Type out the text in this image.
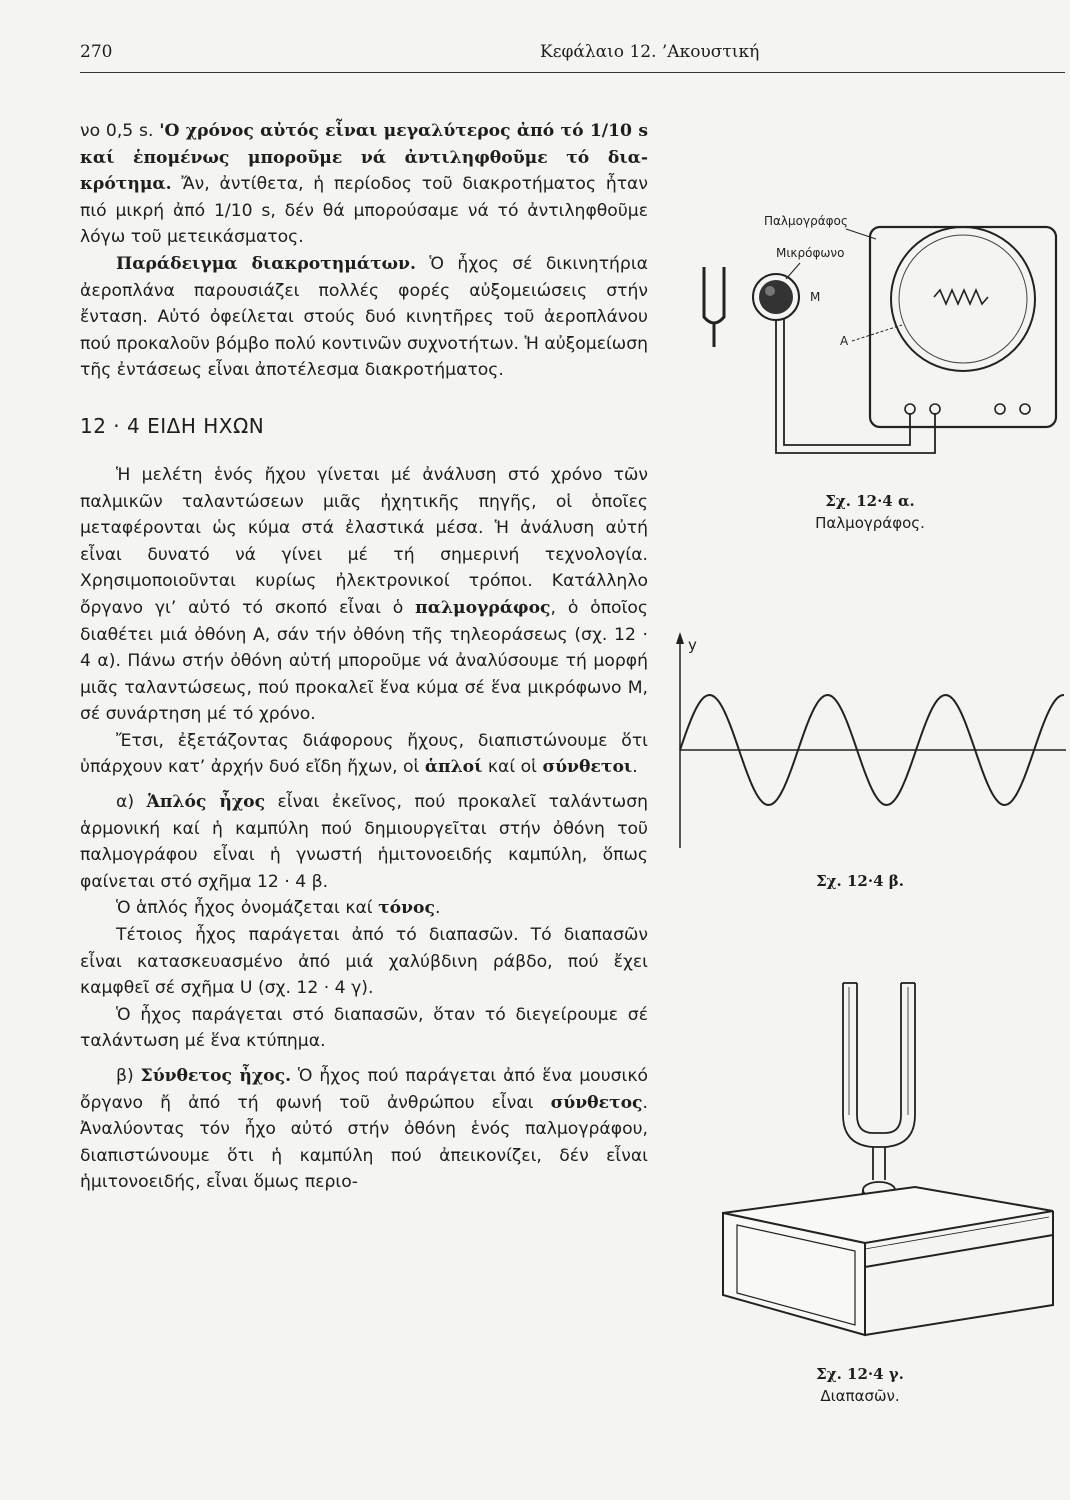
270	Κεφάλαιο 12. ’Ακουστική

νο 0,5 s. 'Ο χρόνος αὐτός εἶναι μεγαλύτερος ἀπό τό 1/10 s καί ἑπομένως μποροῦμε νά ἀντιληφθοῦμε τό δια-κρότημα. Ἄν, ἀντίθετα, ἡ περίοδος τοῦ διακροτήματος ἦταν πιό μικρή ἀπό 1/10 s, δέν θά μπορούσαμε νά τό ἀντιληφθοῦμε λόγω τοῦ μετεικάσματος.

Παράδειγμα διακροτημάτων. Ὁ ἦχος σέ δικινητήρια ἀεροπλάνα παρουσιάζει πολλές φορές αὐξομειώσεις στήν ἔνταση. Αὐτό ὀφείλεται στούς δυό κινητῆρες τοῦ ἀεροπλάνου πού προκαλοῦν βόμβο πολύ κοντινῶν συχνοτήτων. Ἡ αὐξομείωση τῆς ἐντάσεως εἶναι ἀποτέλεσμα διακροτήματος.

12 · 4 ΕΙΔΗ ΗΧΩΝ

Ἡ μελέτη ἑνός ἤχου γίνεται μέ ἀνάλυση στό χρόνο τῶν παλμικῶν ταλαντώσεων μιᾶς ἠχητικῆς πηγῆς, οἱ ὁποῖες μεταφέρονται ὡς κύμα στά ἐλαστικά μέσα. Ἡ ἀνάλυση αὐτή εἶναι δυνατό νά γίνει μέ τή σημερινή τεχνολογία. Χρησιμοποιοῦνται κυρίως ἠλεκτρονικοί τρόποι. Κατάλληλο ὄργανο γι’ αὐτό τό σκοπό εἶναι ὁ παλμογράφος, ὁ ὁποῖος διαθέτει μιά ὀθόνη Α, σάν τήν ὀθόνη τῆς τηλεοράσεως (σχ. 12 · 4 α). Πάνω στήν ὀθόνη αὐτή μποροῦμε νά ἀναλύσουμε τή μορφή μιᾶς ταλαντώσεως, πού προκαλεῖ ἕνα κύμα σέ ἕνα μικρόφωνο Μ, σέ συνάρτηση μέ τό χρόνο.

Ἔτσι, ἐξετάζοντας διάφορους ἤχους, διαπιστώνουμε ὅτι ὑπάρχουν κατ’ ἀρχήν δυό εἴδη ἤχων, οἱ ἁπλοί καί οἱ σύνθετοι.

α) Ἁπλός ἦχος εἶναι ἐκεῖνος, πού προκαλεῖ ταλάντωση ἁρμονική καί ἡ καμπύλη πού δημιουργεῖται στήν ὀθόνη τοῦ παλμογράφου εἶναι ἡ γνωστή ἡμιτονοειδής καμπύλη, ὅπως φαίνεται στό σχῆμα 12 · 4 β.

Ὁ ἁπλός ἦχος ὀνομάζεται καί τόνος.

Τέτοιος ἦχος παράγεται ἀπό τό διαπασῶν. Τό διαπασῶν εἶναι κατασκευασμένο ἀπό μιά χαλύβδινη ράβδο, πού ἔχει καμφθεῖ σέ σχῆμα U (σχ. 12 · 4 γ).

Ὁ ἦχος παράγεται στό διαπασῶν, ὅταν τό διεγείρουμε σέ ταλάντωση μέ ἕνα κτύπημα.

β) Σύνθετος ἦχος. Ὁ ἦχος πού παράγεται ἀπό ἕνα μουσικό ὄργανο ἤ ἀπό τή φωνή τοῦ ἀνθρώπου εἶναι σύνθετος. Ἀναλύοντας τόν ἦχο αὐτό στήν ὀθόνη ἑνός παλμογράφου, διαπιστώνουμε ὅτι ἡ καμπύλη πού ἀπεικονίζει, δέν εἶναι ἡμιτονοειδής, εἶναι ὅμως περιο-

Παλμογράφος
Μικρόφωνο
Μ
Α
Σχ. 12·4 α.
Παλμογράφος.
y
Σχ. 12·4 β.
Σχ. 12·4 γ.
Διαπασῶν.
